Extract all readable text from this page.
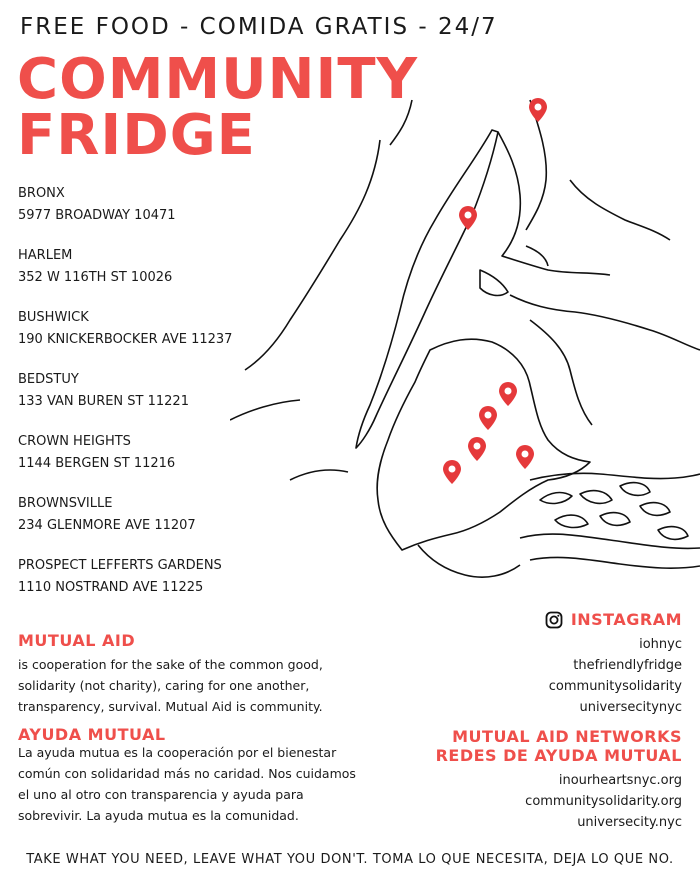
FREE FOOD - COMIDA GRATIS - 24/7
COMMUNITY
FRIDGE
BRONX
5977 BROADWAY 10471
HARLEM
352 W 116TH ST 10026
BUSHWICK
190 KNICKERBOCKER AVE 11237
BEDSTUY
133 VAN BUREN ST 11221
CROWN HEIGHTS
1144 BERGEN ST 11216
BROWNSVILLE
234 GLENMORE AVE 11207
PROSPECT LEFFERTS GARDENS
1110 NOSTRAND AVE 11225
MUTUAL AID
is cooperation for the sake of the common good, solidarity (not charity), caring for one another, transparency, survival. Mutual Aid is community.
AYUDA MUTUAL
La ayuda mutua es la cooperación por el bienestar común con solidaridad más no caridad. Nos cuidamos el uno al otro con transparencia y ayuda para sobrevivir. La ayuda mutua es la comunidad.
INSTAGRAM
iohnyc
thefriendlyfridge
communitysolidarity
universecitynyc
MUTUAL AID NETWORKS
REDES DE AYUDA MUTUAL
inourheartsnyc.org
communitysolidarity.org
universecity.nyc
TAKE WHAT YOU NEED, LEAVE WHAT YOU DON'T. TOMA LO QUE NECESITA, DEJA LO QUE NO.
